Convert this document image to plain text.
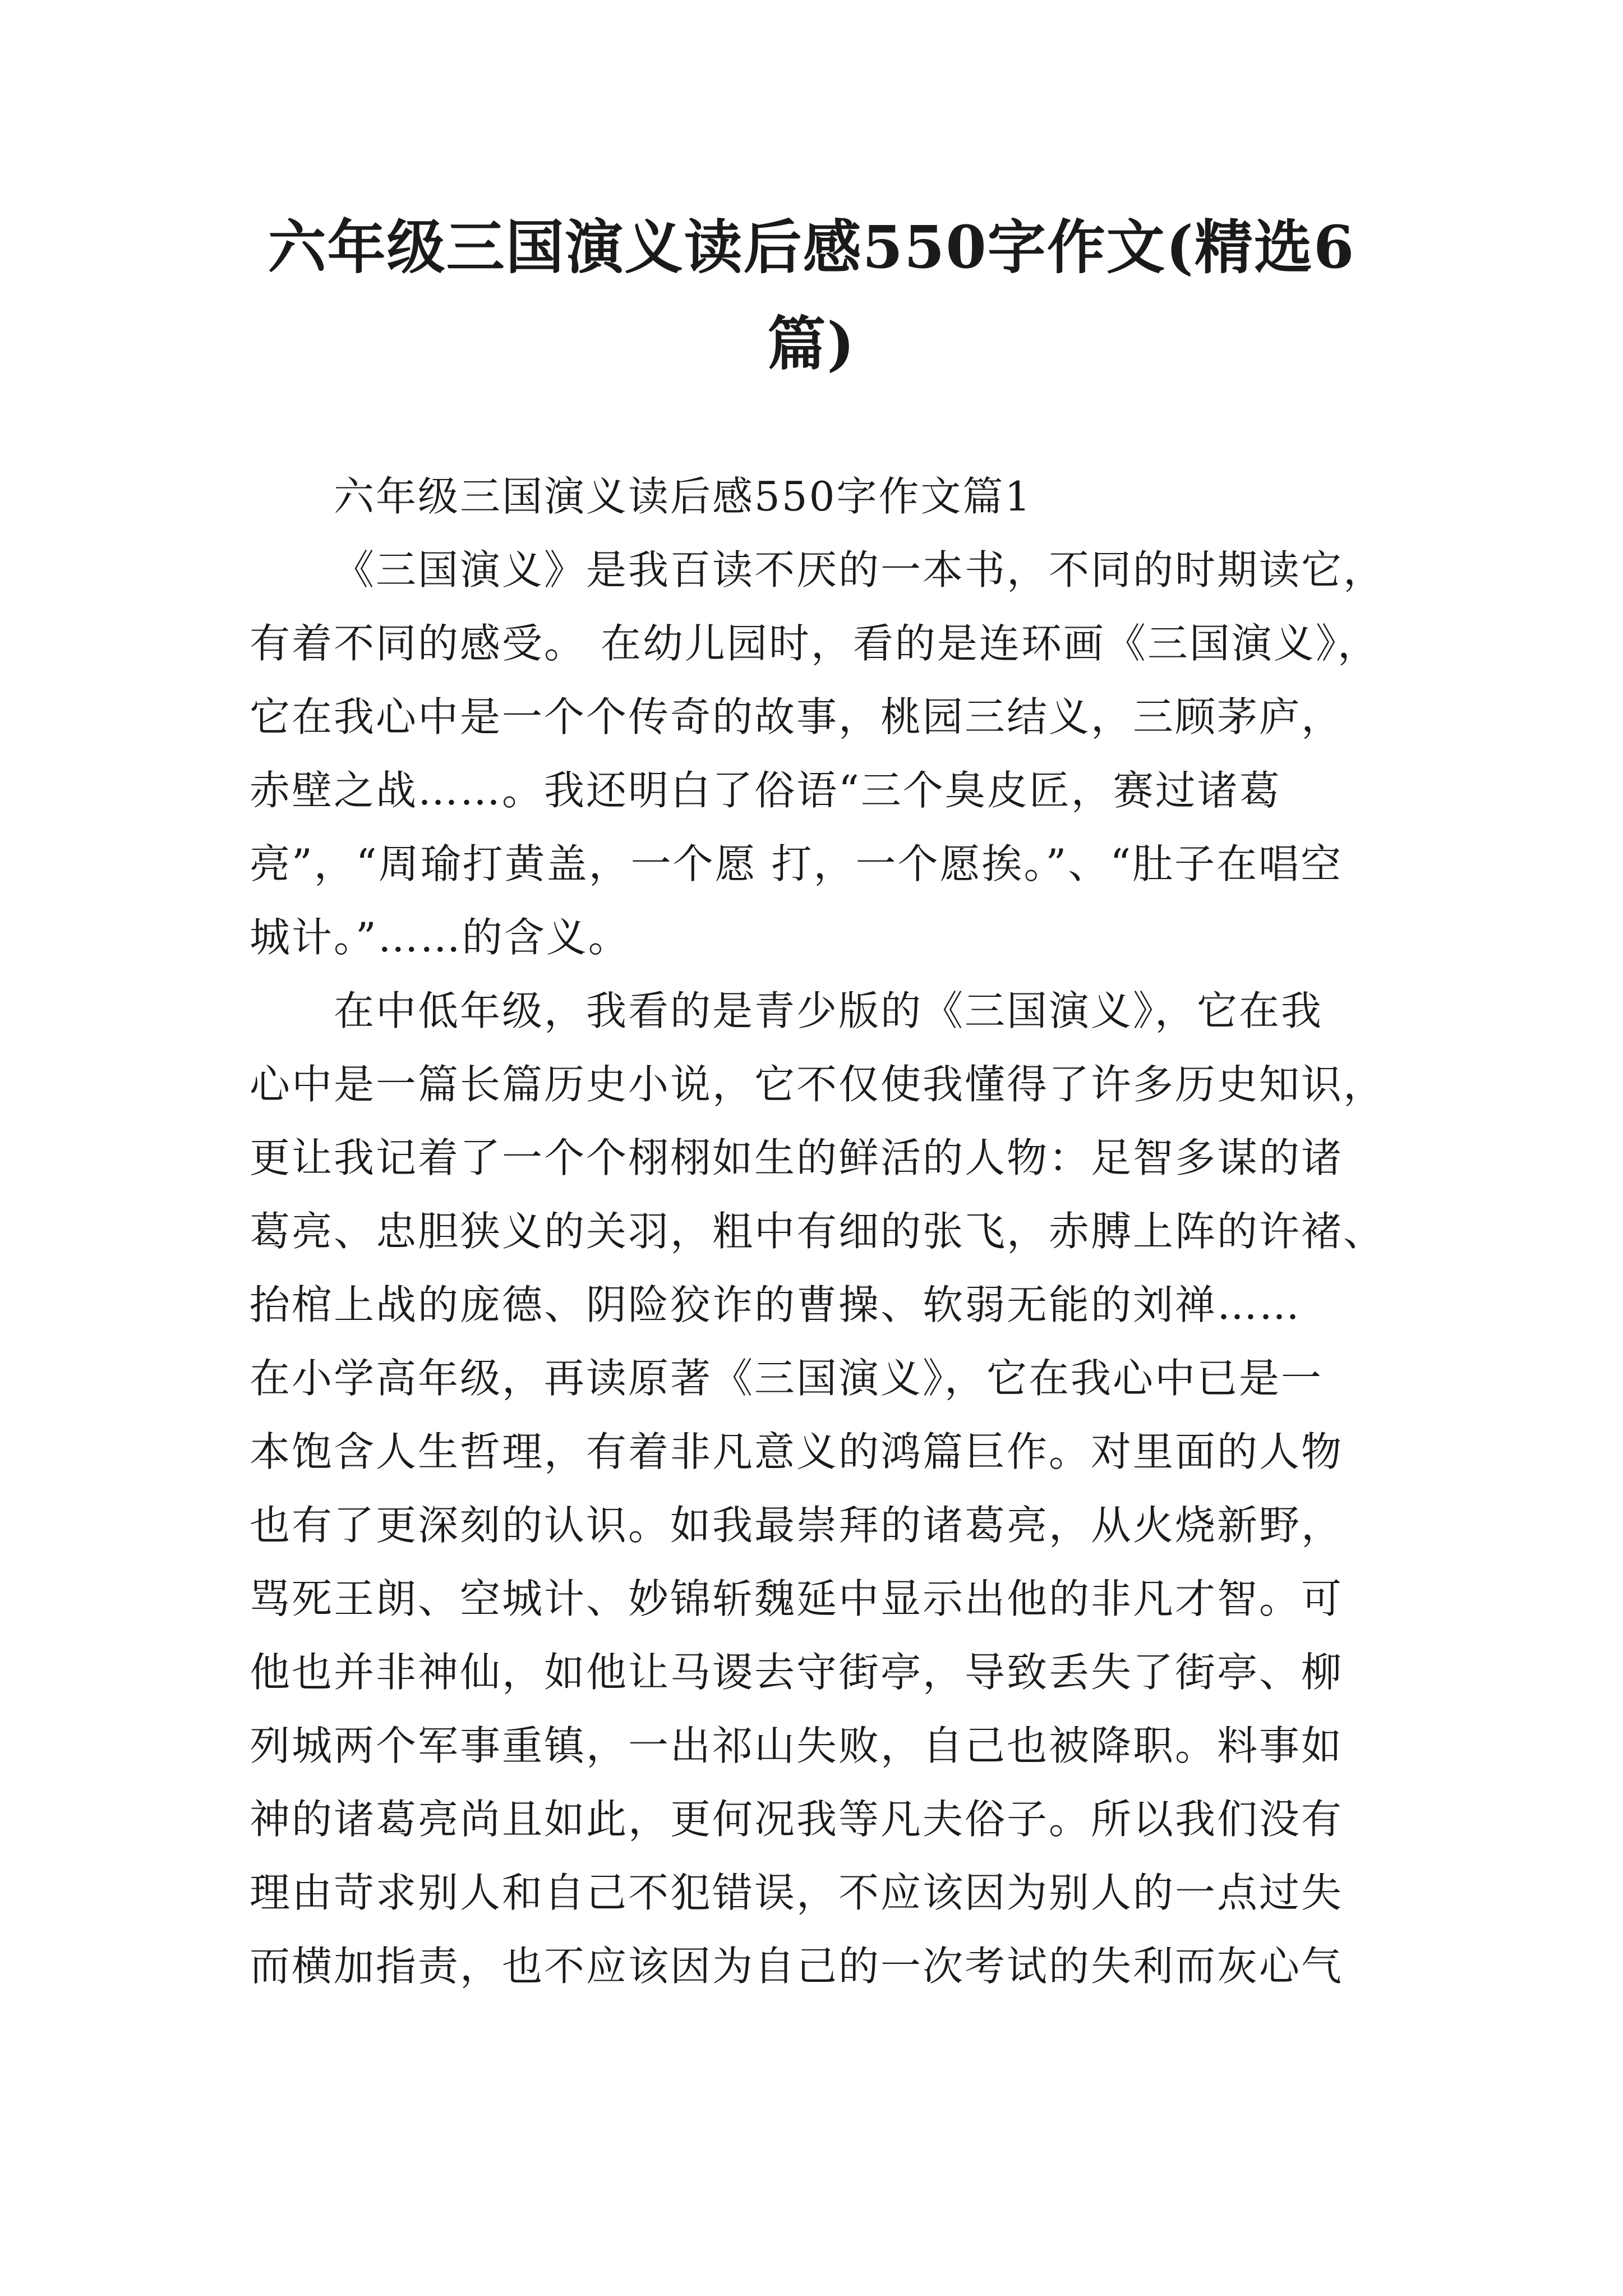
六年级三国演义读后感550字作文(精选6
篇)
六年级三国演义读后感550字作文篇1
《三国演义》是我百读不厌的一本书，不同的时期读它，
有着不同的感受。 在幼儿园时，看的是连环画《三国演义》，
它在我心中是一个个传奇的故事，桃园三结义，三顾茅庐，
赤壁之战……。我还明白了俗语“三个臭皮匠，赛过诸葛
亮”，“周瑜打黄盖，一个愿 打，一个愿挨。”、“肚子在唱空
城计。”……的含义。
在中低年级，我看的是青少版的《三国演义》，它在我
心中是一篇长篇历史小说，它不仅使我懂得了许多历史知识，
更让我记着了一个个栩栩如生的鲜活的人物：足智多谋的诸
葛亮、忠胆狭义的关羽，粗中有细的张飞，赤膊上阵的许褚、
抬棺上战的庞德、阴险狡诈的曹操、软弱无能的刘禅……
在小学高年级，再读原著《三国演义》，它在我心中已是一
本饱含人生哲理，有着非凡意义的鸿篇巨作。对里面的人物
也有了更深刻的认识。如我最崇拜的诸葛亮，从火烧新野，
骂死王朗、空城计、妙锦斩魏延中显示出他的非凡才智。可
他也并非神仙，如他让马谡去守街亭，导致丢失了街亭、柳
列城两个军事重镇，一出祁山失败，自己也被降职。料事如
神的诸葛亮尚且如此，更何况我等凡夫俗子。所以我们没有
理由苛求别人和自己不犯错误，不应该因为别人的一点过失
而横加指责，也不应该因为自己的一次考试的失利而灰心气
